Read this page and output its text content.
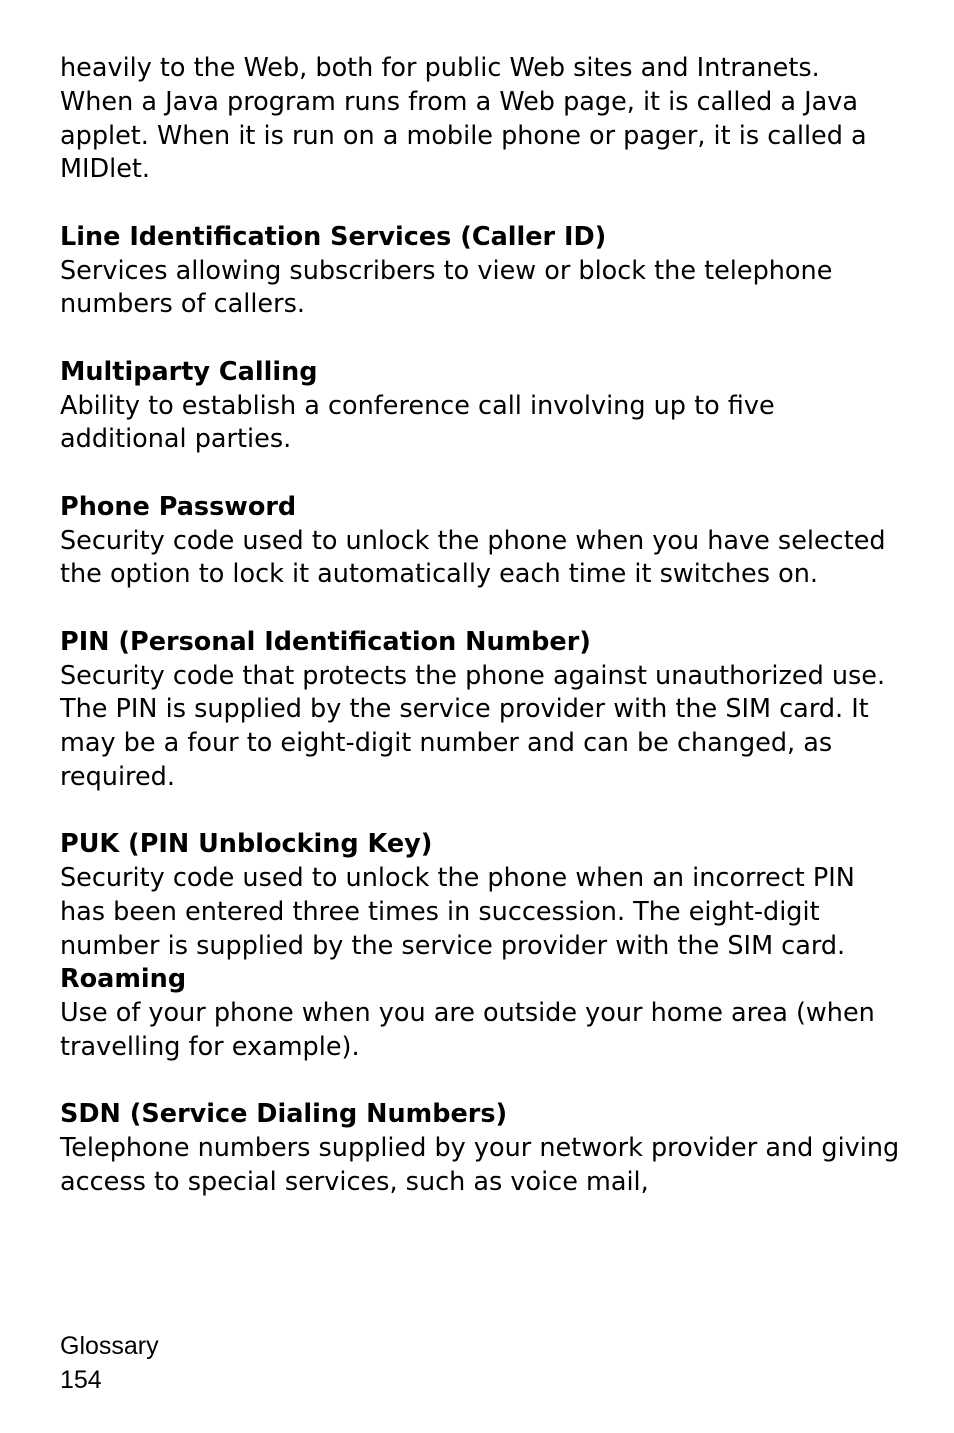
heavily to the Web, both for public Web sites and Intranets. When a Java program runs from a Web page, it is called a Java applet. When it is run on a mobile phone or pager, it is called a MIDlet.

Line Identification Services (Caller ID)
Services allowing subscribers to view or block the telephone numbers of callers.
Multiparty Calling
Ability to establish a conference call involving up to five additional parties.
Phone Password
Security code used to unlock the phone when you have selected the option to lock it automatically each time it switches on.
PIN (Personal Identification Number)
Security code that protects the phone against unauthorized use. The PIN is supplied by the service provider with the SIM card. It may be a four to eight-digit number and can be changed, as required.
PUK (PIN Unblocking Key)
Security code used to unlock the phone when an incorrect PIN has been entered three times in succession. The eight-digit number is supplied by the service provider with the SIM card.
Roaming
Use of your phone when you are outside your home area (when travelling for example).
SDN (Service Dialing Numbers)
Telephone numbers supplied by your network provider and giving access to special services, such as voice mail,
Glossary
154
